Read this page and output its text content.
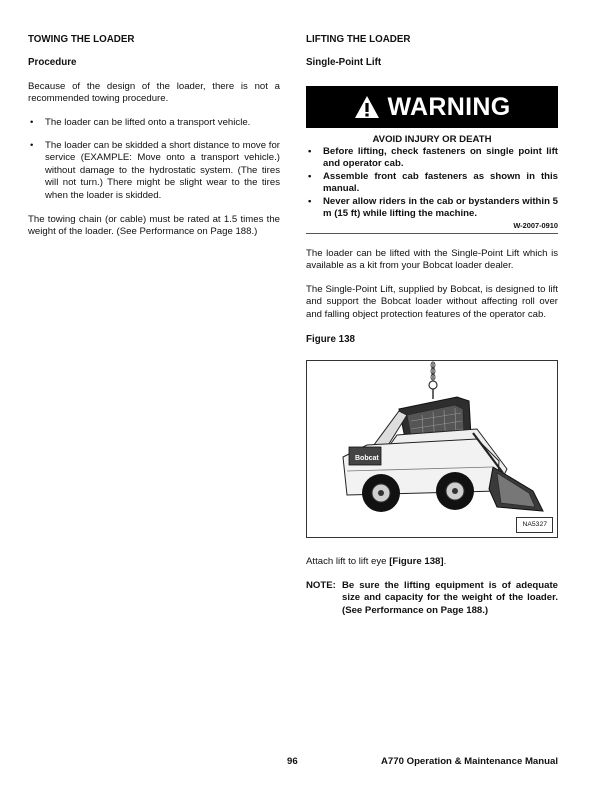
TOWING THE LOADER
Procedure

Because of the design of the loader, there is not a recommended towing procedure.

• The loader can be lifted onto a transport vehicle.
• The loader can be skidded a short distance to move for service (EXAMPLE: Move onto a transport vehicle.) without damage to the hydrostatic system. (The tires will not turn.) There might be slight wear to the tires when the loader is skidded.

The towing chain (or cable) must be rated at 1.5 times the weight of the loader. (See Performance on Page 188.)

LIFTING THE LOADER
Single-Point Lift
WARNING
AVOID INJURY OR DEATH
• Before lifting, check fasteners on single point lift and operator cab.
• Assemble front cab fasteners as shown in this manual.
• Never allow riders in the cab or bystanders within 5 m (15 ft) while lifting the machine.
W-2007-0910

The loader can be lifted with the Single-Point Lift which is available as a kit from your Bobcat loader dealer.

The Single-Point Lift, supplied by Bobcat, is designed to lift and support the Bobcat loader without affecting roll over and falling object protection features of the operator cab.

Figure 138
Bobcat
NA5327

Attach lift to lift eye [Figure 138].

NOTE: Be sure the lifting equipment is of adequate size and capacity for the weight of the loader. (See Performance on Page 188.)
96	A770 Operation & Maintenance Manual
